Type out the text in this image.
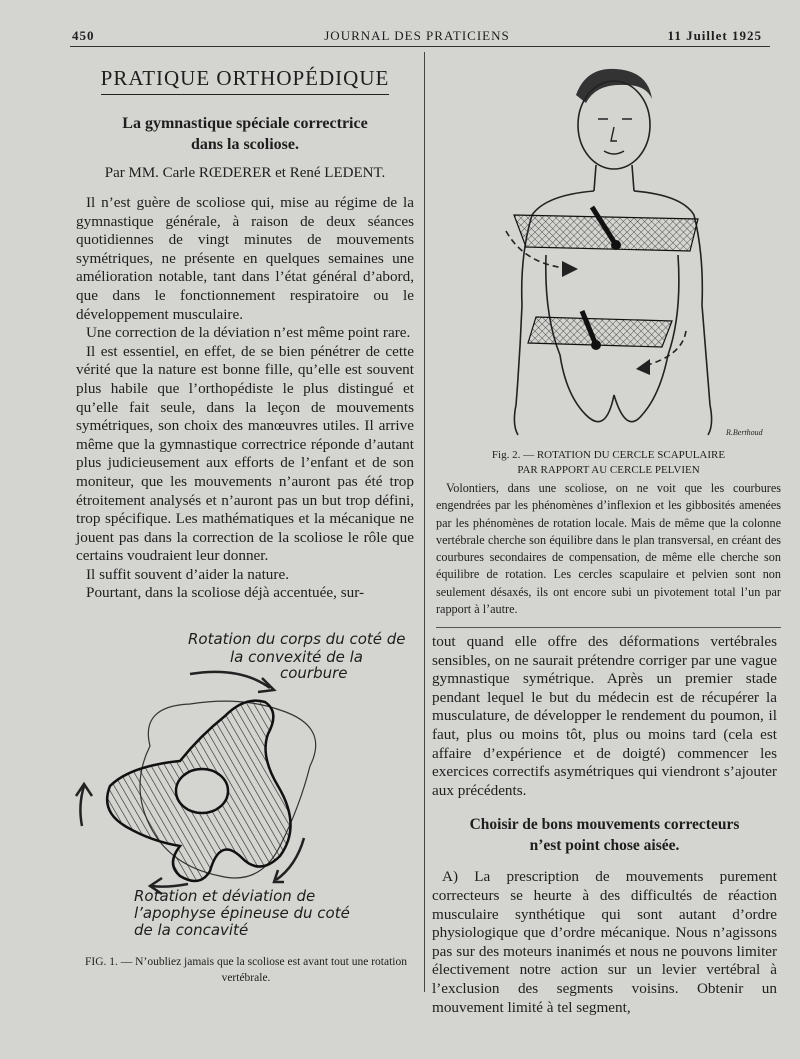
450	JOURNAL DES PRATICIENS	11 Juillet 1925
PRATIQUE ORTHOPÉDIQUE
La gymnastique spéciale correctrice
dans la scoliose.
Par MM. Carle RŒDERER et René LEDENT.

Il n’est guère de scoliose qui, mise au régime de la gymnastique générale, à raison de deux séances quotidiennes de vingt minutes de mouvements symétriques, ne présente en quelques semaines une amélioration notable, tant dans l’état général d’abord, que dans le fonctionnement respiratoire ou le développement musculaire.

Une correction de la déviation n’est même point rare.

Il est essentiel, en effet, de se bien pénétrer de cette vérité que la nature est bonne fille, qu’elle est souvent plus habile que l’orthopédiste le plus distingué et qu’elle fait seule, dans la leçon de mouvements symétriques, son choix des manœuvres utiles. Il arrive même que la gymnastique correctrice réponde d’autant plus judicieusement aux efforts de l’enfant et de son moniteur, que les mouvements n’auront pas été trop étroitement analysés et n’auront pas un but trop défini, trop spécifique. Les mathématiques et la mécanique ne jouent pas dans la correction de la scoliose le rôle que certains voudraient leur donner.

Il suffit souvent d’aider la nature.

Pourtant, dans la scoliose déjà accentuée, sur-

Rotation du corps du coté de
la convexité de la
courbure
Rotation et déviation de
l’apophyse épineuse du coté
de la concavité
FIG. 1. — N’oubliez jamais que la scoliose est avant tout une rotation vertébrale.
R.Berthoud
Fig. 2. — ROTATION DU CERCLE SCAPULAIRE
PAR RAPPORT AU CERCLE PELVIEN

Volontiers, dans une scoliose, on ne voit que les courbures engendrées par les phénomènes d’inflexion et les gibbosités amenées par les phénomènes de rotation locale. Mais de même que la colonne vertébrale cherche son équilibre dans le plan transversal, en créant des courbures secondaires de compensation, de même elle cherche son équilibre de rotation. Les cercles scapulaire et pelvien sont non seulement désaxés, ils ont encore subi un pivotement total l’un par rapport à l’autre.

tout quand elle offre des déformations vertébrales sensibles, on ne saurait prétendre corriger par une vague gymnastique symétrique. Après un premier stade pendant lequel le but du médecin est de récupérer la musculature, de développer le rendement du poumon, il faut, plus ou moins tôt, plus ou moins tard (cela est affaire d’expérience et de doigté) commencer les exercices correctifs asymétriques qui viendront s’ajouter aux précédents.

Choisir de bons mouvements correcteurs
n’est point chose aisée.

A) La prescription de mouvements purement correcteurs se heurte à des difficultés de réaction musculaire synthétique qui sont autant d’ordre physiologique que d’ordre mécanique. Nous n’agissons pas sur des moteurs inanimés et nous ne pouvons limiter électivement notre action sur un levier vertébral à l’exclusion des segments voisins. Obtenir un mouvement limité à tel segment,
